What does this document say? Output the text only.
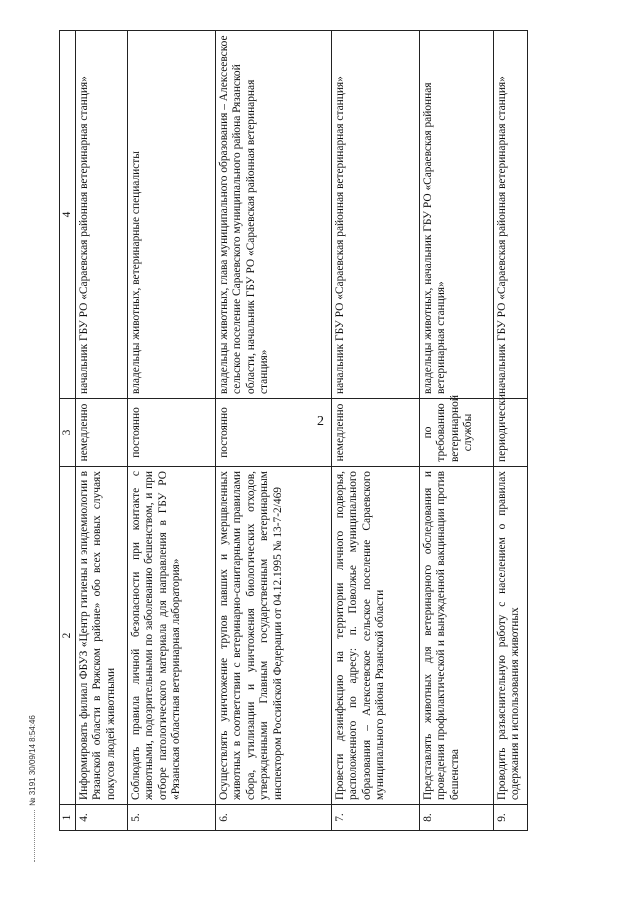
2
1	2	3	4
4.	Информировать филиал ФБУЗ «Центр гигиены и эпидемиологии в Рязанской области в Ряжском районе» обо всех новых случаях покусов людей животными	немедленно	начальник ГБУ РО «Сараевская районная ветеринарная станция»
5.	Соблюдать правила личной безопасности при контакте с животными, подозрительными по заболеванию бешенством, и при отборе патологического материала для направления в ГБУ РО «Рязанская областная ветеринарная лаборатория»	постоянно	владельцы животных, ветеринарные специалисты
6.	Осуществлять уничтожение трупов павших и умерщвленных животных в соответствии с ветеринарно-санитарными правилами сбора, утилизации и уничтожения биологических отходов, утвержденными Главным государственным ветеринарным инспектором Российской Федерации от 04.12.1995 № 13-7-2/469	постоянно	владельцы животных, глава муниципального образования – Алексеевское сельское поселение Сараевского муниципального района Рязанской области, начальник ГБУ РО «Сараевская районная ветеринарная станция»
7.	Провести дезинфекцию на территории личного подворья, расположенного по адресу: п. Поволжье муниципального образования – Алексеевское сельское поселение Сараевского муниципального района Рязанской области	немедленно	начальник ГБУ РО «Сараевская районная ветеринарная станция»
8.	Представлять животных для ветеринарного обследования и проведения профилактической и вынужденной вакцинации против бешенства	по требованию ветеринарной службы	владельцы животных, начальник ГБУ РО «Сараевская районная ветеринарная станция»
9.	Проводить разъяснительную работу с населением о правилах содержания и использования животных	периодически	начальник ГБУ РО «Сараевская районная ветеринарная станция»
№ 3191 30/09/14 8:54:46
